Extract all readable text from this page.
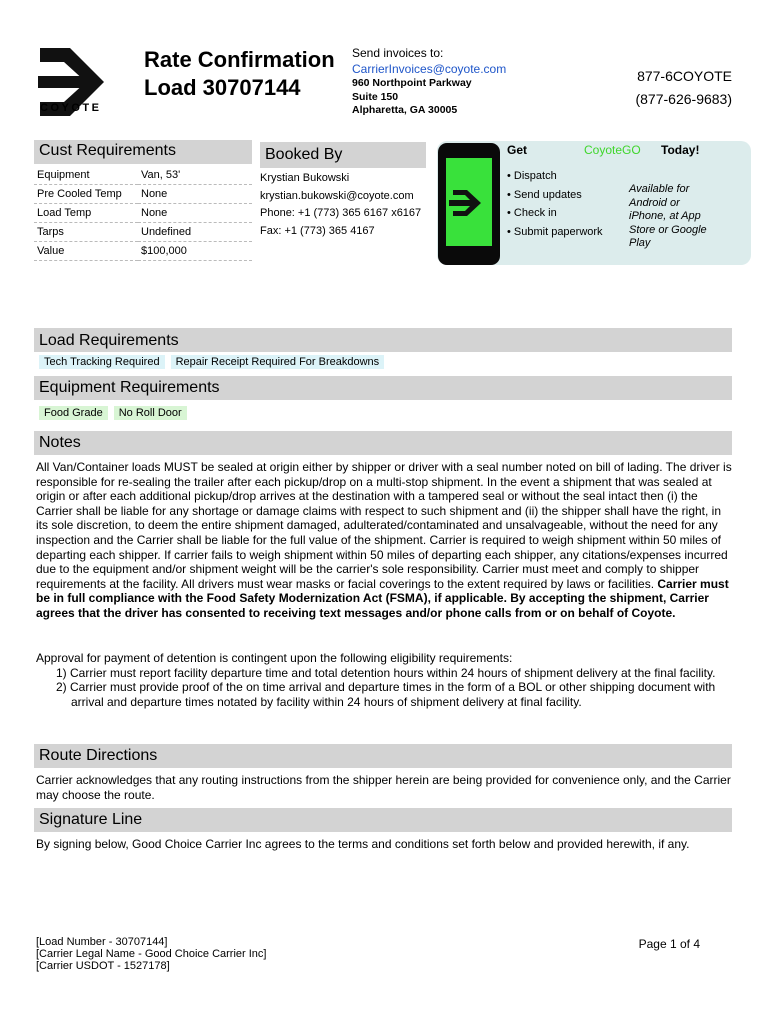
COYOTE
Rate Confirmation
Load 30707144
Send invoices to:
CarrierInvoices@coyote.com
960 Northpoint Parkway
Suite 150
Alpharetta, GA 30005
877-6COYOTE
(877-626-9683)
Cust Requirements
Equipment	Van, 53'
Pre Cooled Temp	None
Load Temp	None
Tarps	Undefined
Value	$100,000
Booked By
Krystian Bukowski
krystian.bukowski@coyote.com
Phone: +1 (773) 365 6167 x6167
Fax: +1 (773) 365 4167
Get	CoyoteGO Today!
• Dispatch
• Send updates
• Check in
• Submit paperwork
Available for Android or iPhone, at App Store or Google Play
Load Requirements
Tech Tracking Required Repair Receipt Required For Breakdowns
Equipment Requirements
Food Grade No Roll Door
Notes
All Van/Container loads MUST be sealed at origin either by shipper or driver with a seal number noted on bill of lading. The driver is responsible for re-sealing the trailer after each pickup/drop on a multi-stop shipment. In the event a shipment that was sealed at origin or after each additional pickup/drop arrives at the destination with a tampered seal or without the seal intact then (i) the Carrier shall be liable for any shortage or damage claims with respect to such shipment and (ii) the shipper shall have the right, in its sole discretion, to deem the entire shipment damaged, adulterated/contaminated and unsalvageable, without the need for any inspection and the Carrier shall be liable for the full value of the shipment. Carrier is required to weigh shipment within 50 miles of departing each shipper. If carrier fails to weigh shipment within 50 miles of departing each shipper, any citations/expenses incurred due to the equipment and/or shipment weight will be the carrier's sole responsibility. Carrier must meet and comply to shipper requirements at the facility. All drivers must wear masks or facial coverings to the extent required by laws or facilities. Carrier must be in full compliance with the Food Safety Modernization Act (FSMA), if applicable. By accepting the shipment, Carrier agrees that the driver has consented to receiving text messages and/or phone calls from or on behalf of Coyote.
Approval for payment of detention is contingent upon the following eligibility requirements:
1) Carrier must report facility departure time and total detention hours within 24 hours of shipment delivery at the final facility.
2) Carrier must provide proof of the on time arrival and departure times in the form of a BOL or other shipping document with arrival and departure times notated by facility within 24 hours of shipment delivery at final facility.
Route Directions
Carrier acknowledges that any routing instructions from the shipper herein are being provided for convenience only, and the Carrier may choose the route.
Signature Line
By signing below, Good Choice Carrier Inc agrees to the terms and conditions set forth below and provided herewith, if any.
[Load Number - 30707144]
[Carrier Legal Name - Good Choice Carrier Inc]
[Carrier USDOT - 1527178]
Page 1 of 4
